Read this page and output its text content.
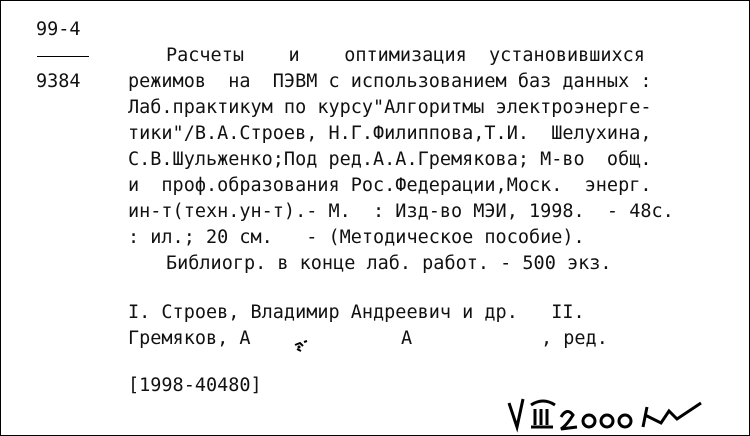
99-4
9384
Расчеты    и    оптимизация  установившихся
режимов  на  ПЭВМ с использованием баз данных :
Лаб.практикум по курсу"Алгоритмы электроэнерге-
тики"/В.А.Строев, Н.Г.Филиппова,Т.И.  Шелухина,
С.В.Шульженко;Под ред.А.А.Гремякова; М-во  общ.
и  проф.образования Рос.Федерации,Моск.  энерг.
ин-т(техн.ун-т).- М.  : Изд-во МЭИ, 1998.  - 48с.
: ил.; 20 см.   - (Методическое пособие).
Библиогр. в конце лаб. работ. - 500 экз.
I. Строев, Владимир Андреевич и др.   II.
Гремяков, А	А	, ред.
[1998-40480]
